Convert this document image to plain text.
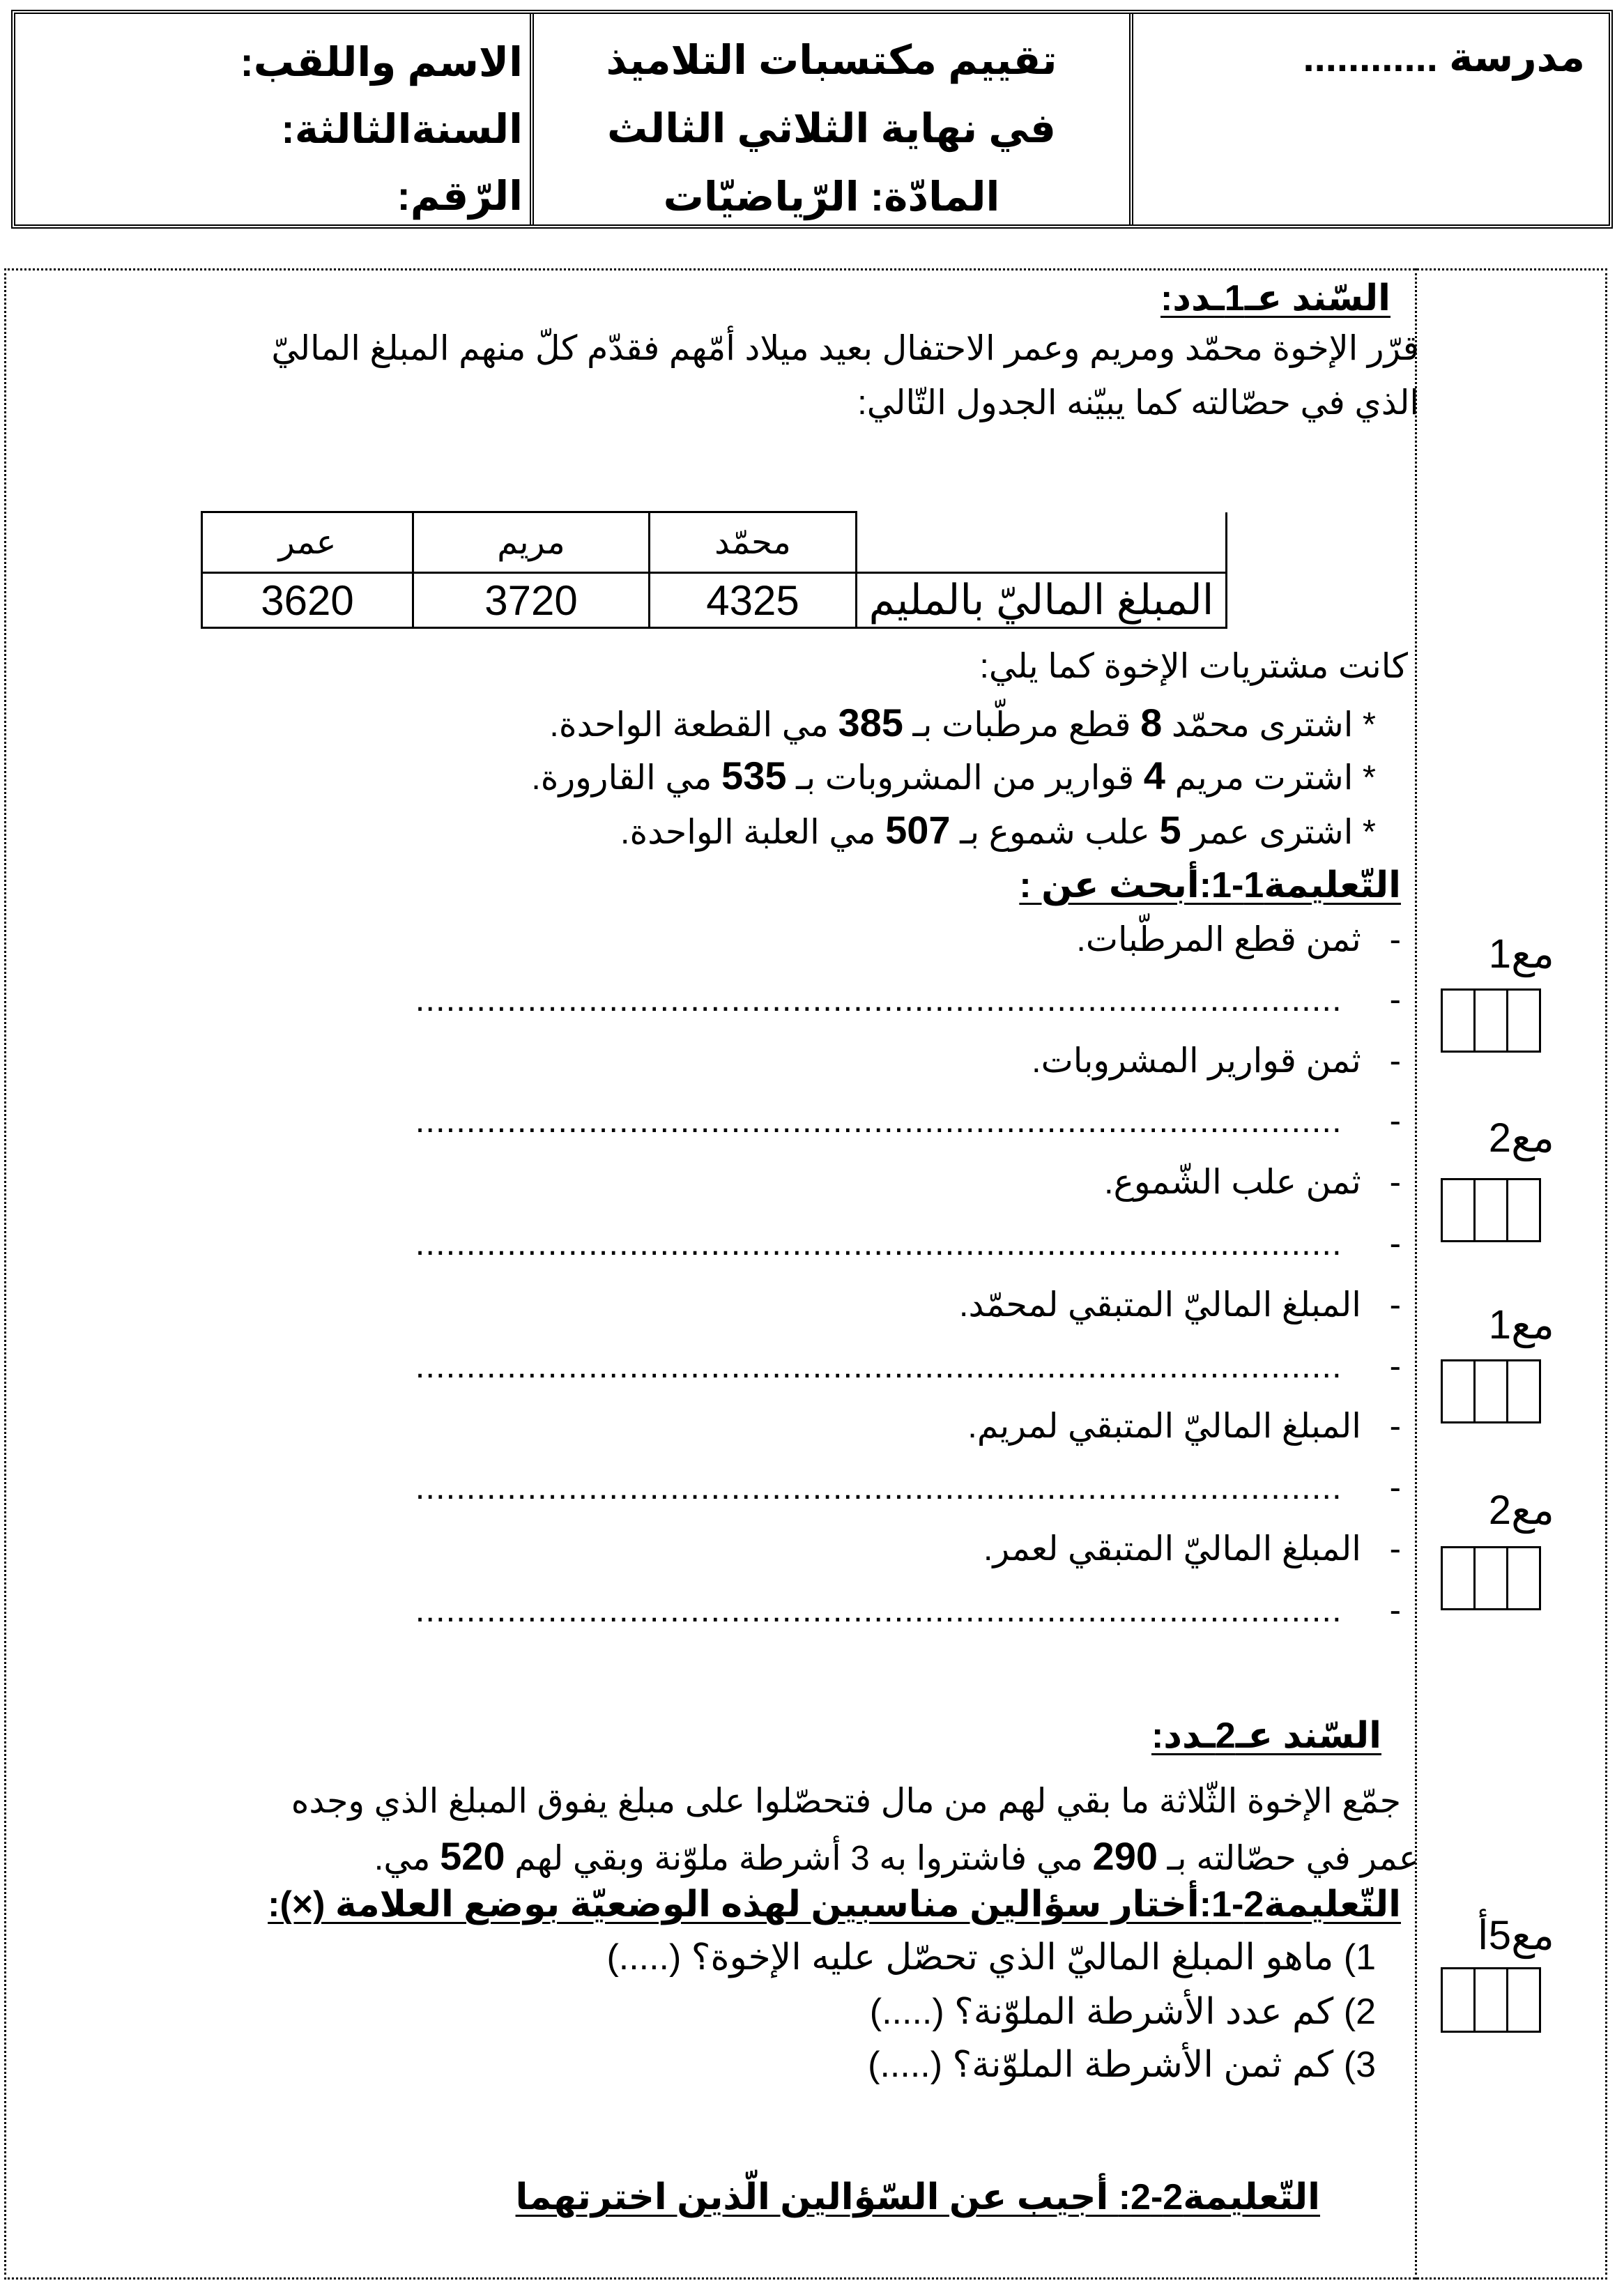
مدرسة ............
تقييم مكتسبات التلاميذ
في نهاية الثلاثي الثالث
المادّة: الرّياضيّات
الاسم واللقب:
السنةالثالثة:
الرّقم:
السّند عـ1ـدد:
قرّر الإخوة محمّد ومريم وعمر الاحتفال بعيد ميلاد أمّهم فقدّم كلّ منهم المبلغ الماليّ
الذي في حصّالته كما يبيّنه الجدول التّالي:
	محمّد	مريم	عمر
المبلغ الماليّ بالمليم	4325	3720	3620
كانت مشتريات الإخوة كما يلي:
* اشترى محمّد 8 قطع مرطّبات بـ 385 مي القطعة الواحدة.
* اشترت مريم 4 قوارير من المشروبات بـ 535 مي القارورة.
* اشترى عمر 5 علب شموع بـ 507 مي العلبة الواحدة.
التّعليمة1-1:أبحث عن :
-   ثمن قطع المرطّبات.
-     ...........................................................................................
-   ثمن قوارير المشروبات.
-     ...........................................................................................
-   ثمن علب الشّموع.
-     ...........................................................................................
-   المبلغ الماليّ المتبقي لمحمّد.
-     ...........................................................................................
-   المبلغ الماليّ المتبقي لمريم.
-     ...........................................................................................
-   المبلغ الماليّ المتبقي لعمر.
-     ...........................................................................................
السّند عـ2ـدد:
جمّع الإخوة الثّلاثة ما بقي لهم من مال فتحصّلوا على مبلغ يفوق المبلغ الذي وجده
عمر في حصّالته بـ 290 مي فاشتروا به 3 أشرطة ملوّنة وبقي لهم 520 مي.
التّعليمة2-1:أختار سؤالين مناسبين لهذه الوضعيّة بوضع العلامة (×):
1) ماهو المبلغ الماليّ الذي تحصّل عليه الإخوة؟ (.....)
2) كم عدد الأشرطة الملوّنة؟ (.....)
3) كم ثمن الأشرطة الملوّنة؟ (.....)
التّعليمة2-2: أجيب عن السّؤالين الّذين اخترتهما
مع1
مع2
مع1
مع2
مع5أ
